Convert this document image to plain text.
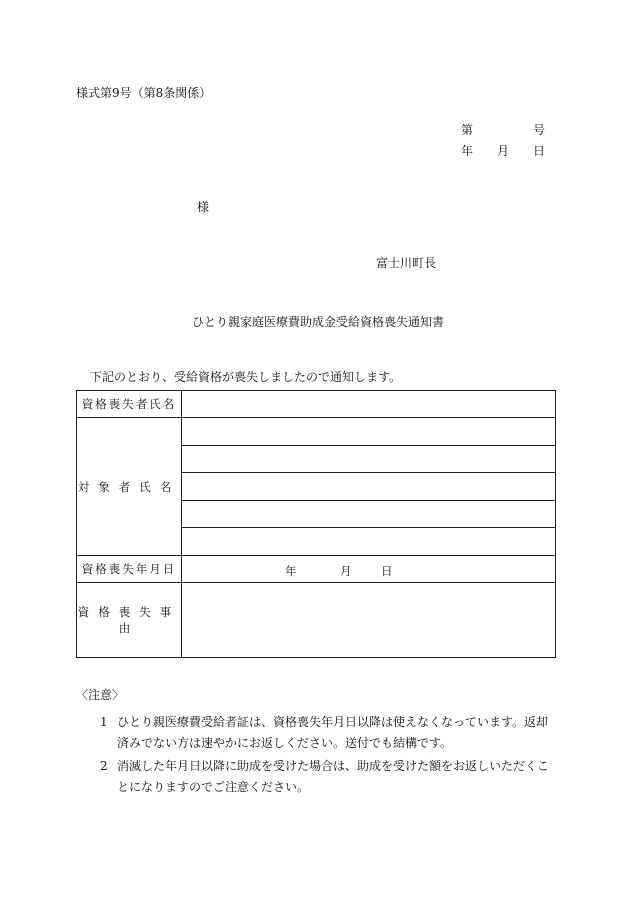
様式第9号（第8条関係）
第	号
年 月 日
様
富士川町長
ひとり親家庭医療費助成金受給資格喪失通知書
下記のとおり、受給資格が喪失しましたので通知します。
資格喪失者氏名	
対象者氏名	

資格喪失年月日	年 月 日

資格喪失事由	
〈注意〉
1 ひとり親医療費受給者証は、資格喪失年月日以降は使えなくなっています。返却済みでない方は速やかにお返しください。送付でも結構です。
2 消滅した年月日以降に助成を受けた場合は、助成を受けた額をお返しいただくことになりますのでご注意ください。
